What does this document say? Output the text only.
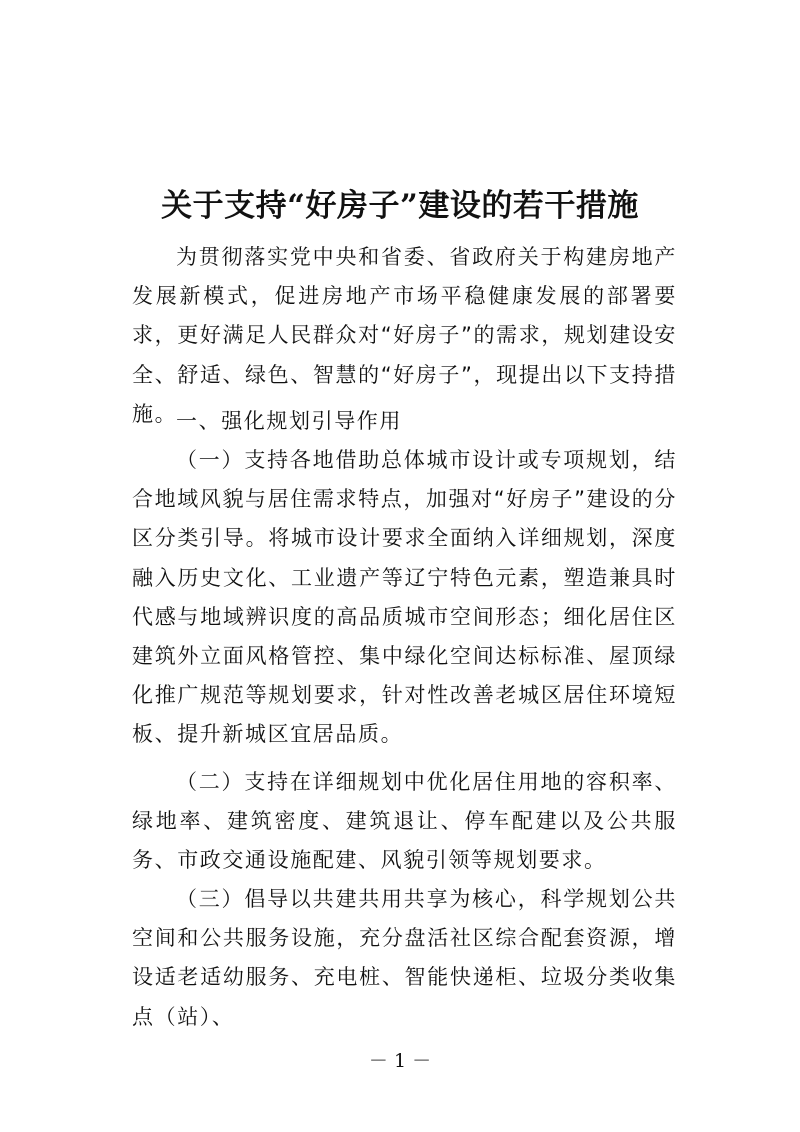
关于支持“好房子”建设的若干措施

为贯彻落实党中央和省委、省政府关于构建房地产发展新模式，促进房地产市场平稳健康发展的部署要求，更好满足人民群众对“好房子”的需求，规划建设安全、舒适、绿色、智慧的“好房子”，现提出以下支持措施。

一、强化规划引导作用

（一）支持各地借助总体城市设计或专项规划，结合地域风貌与居住需求特点，加强对“好房子”建设的分区分类引导。将城市设计要求全面纳入详细规划，深度融入历史文化、工业遗产等辽宁特色元素，塑造兼具时代感与地域辨识度的高品质城市空间形态；细化居住区建筑外立面风格管控、集中绿化空间达标标准、屋顶绿化推广规范等规划要求，针对性改善老城区居住环境短板、提升新城区宜居品质。

（二）支持在详细规划中优化居住用地的容积率、绿地率、建筑密度、建筑退让、停车配建以及公共服务、市政交通设施配建、风貌引领等规划要求。

（三）倡导以共建共用共享为核心，科学规划公共空间和公共服务设施，充分盘活社区综合配套资源，增设适老适幼服务、充电桩、智能快递柜、垃圾分类收集点（站）、

－ 1 －
